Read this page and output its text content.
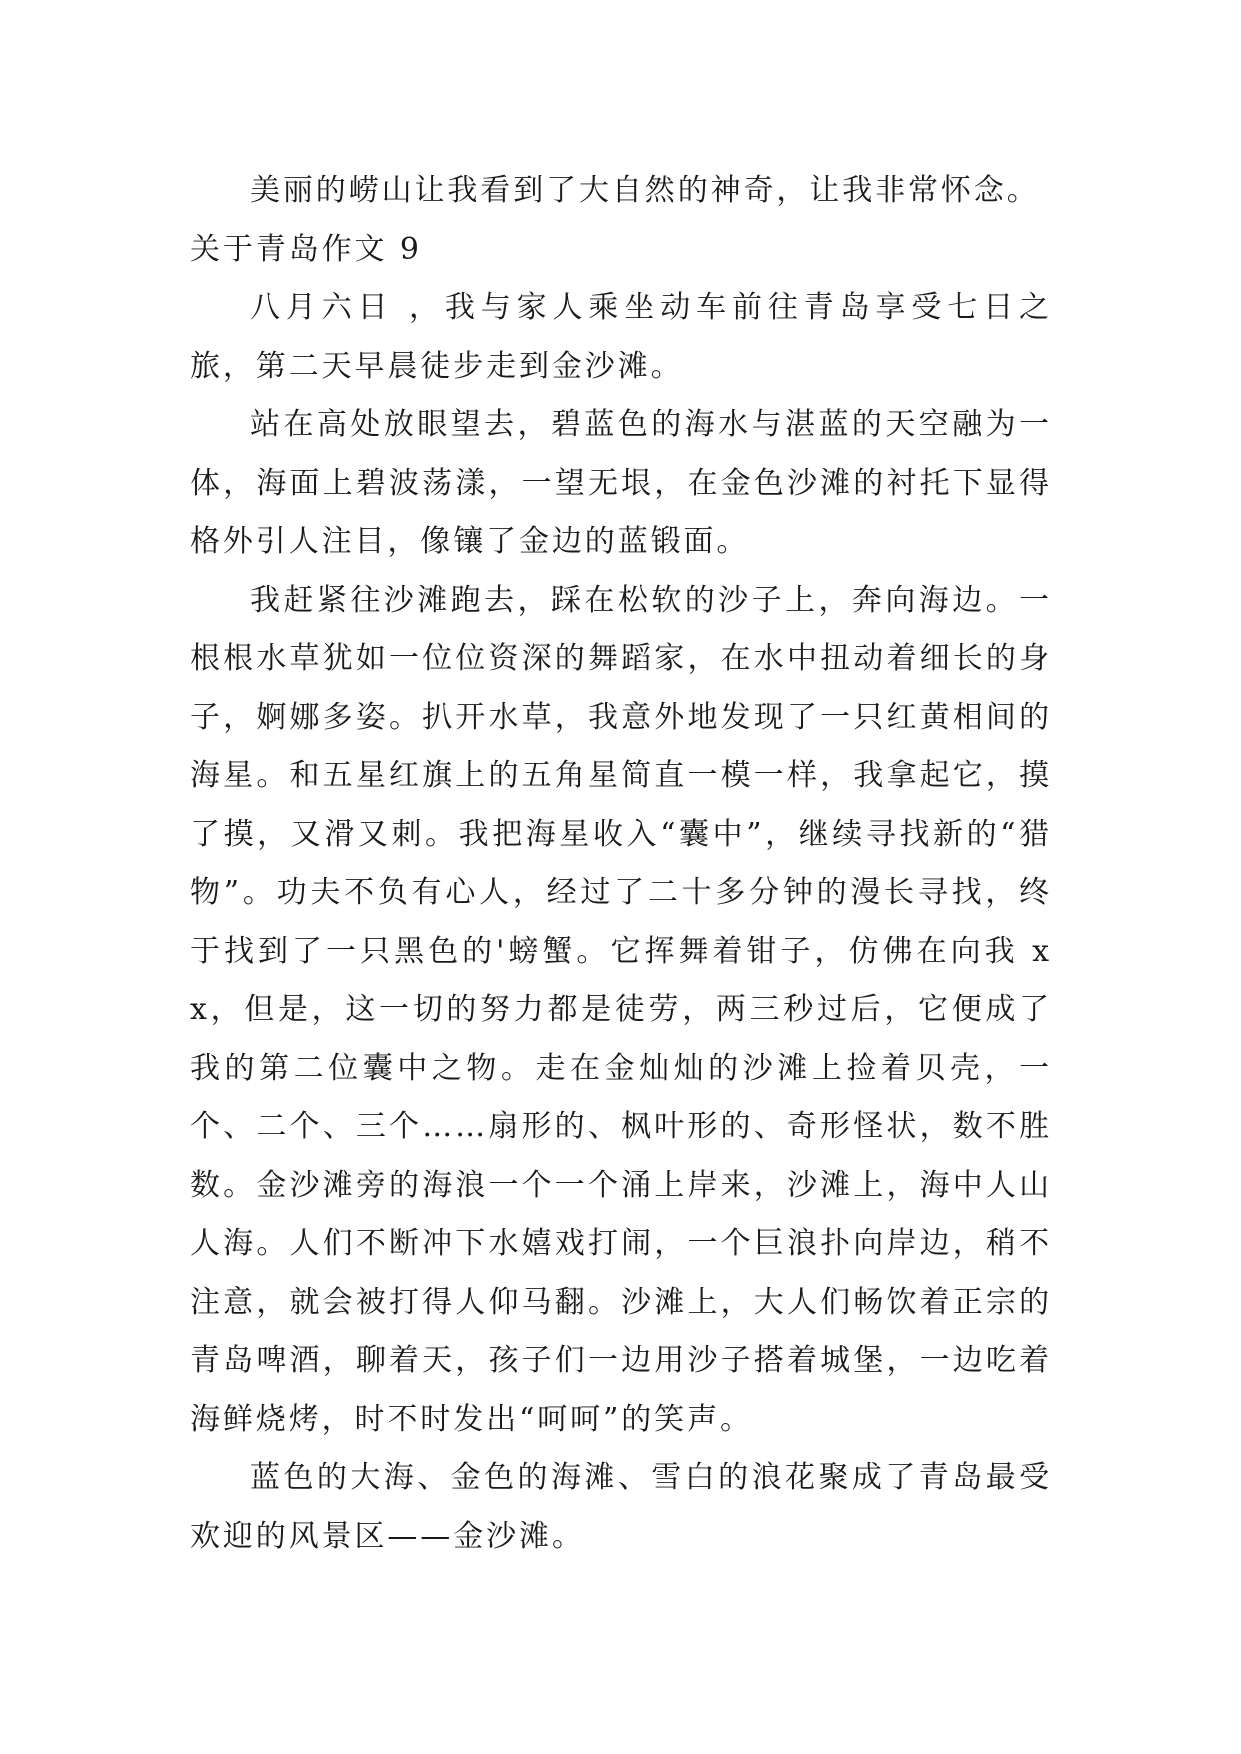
美丽的崂山让我看到了大自然的神奇，让我非常怀念。

关于青岛作文 9

八月六日 ，我与家人乘坐动车前往青岛享受七日之旅，第二天早晨徒步走到金沙滩。

站在高处放眼望去，碧蓝色的海水与湛蓝的天空融为一体，海面上碧波荡漾，一望无垠，在金色沙滩的衬托下显得格外引人注目，像镶了金边的蓝锻面。

我赶紧往沙滩跑去，踩在松软的沙子上，奔向海边。一根根水草犹如一位位资深的舞蹈家，在水中扭动着细长的身子，婀娜多姿。扒开水草，我意外地发现了一只红黄相间的海星。和五星红旗上的五角星简直一模一样，我拿起它，摸了摸，又滑又刺。我把海星收入“囊中”，继续寻找新的“猎物”。功夫不负有心人，经过了二十多分钟的漫长寻找，终于找到了一只黑色的'螃蟹。它挥舞着钳子，仿佛在向我 xx，但是，这一切的努力都是徒劳，两三秒过后，它便成了我的第二位囊中之物。走在金灿灿的沙滩上捡着贝壳，一个、二个、三个……扇形的、枫叶形的、奇形怪状，数不胜数。金沙滩旁的海浪一个一个涌上岸来，沙滩上，海中人山人海。人们不断冲下水嬉戏打闹，一个巨浪扑向岸边，稍不注意，就会被打得人仰马翻。沙滩上，大人们畅饮着正宗的青岛啤酒，聊着天，孩子们一边用沙子搭着城堡，一边吃着海鲜烧烤，时不时发出“呵呵”的笑声。

蓝色的大海、金色的海滩、雪白的浪花聚成了青岛最受欢迎的风景区——金沙滩。
